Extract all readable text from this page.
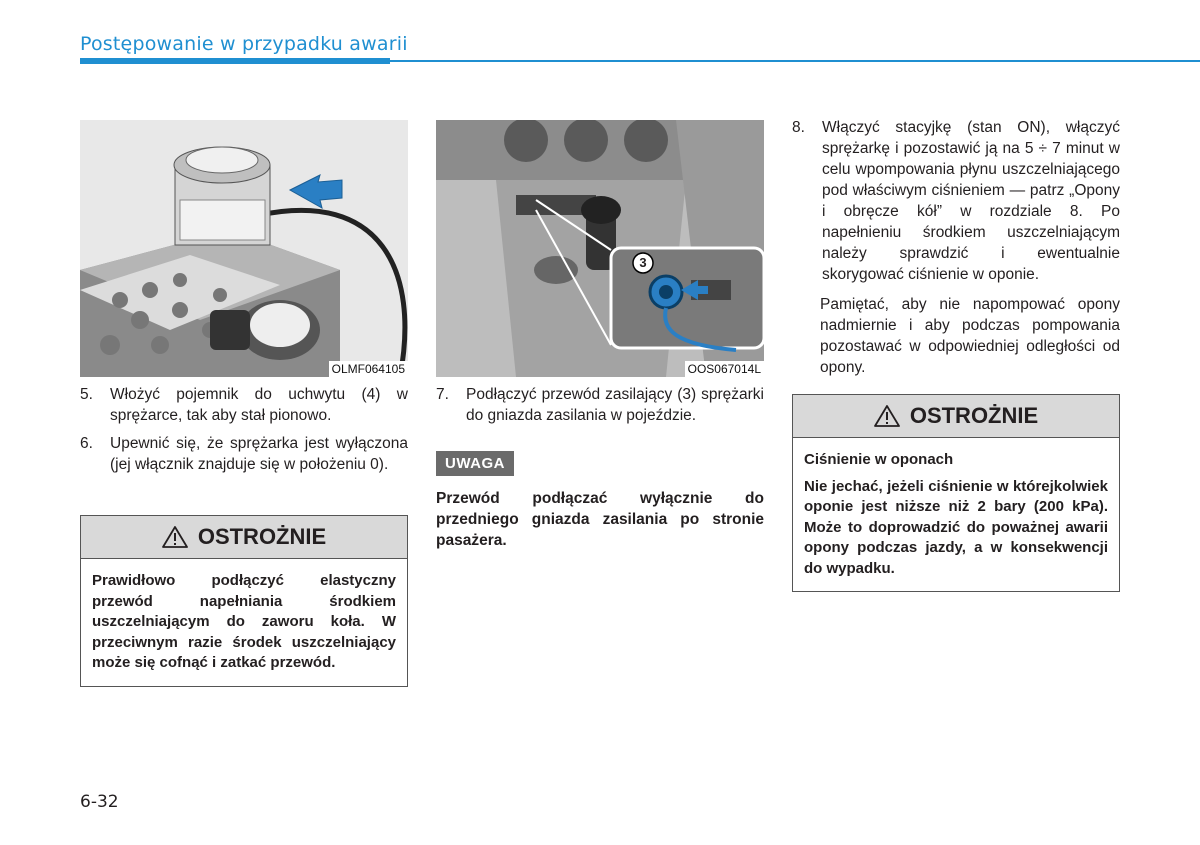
Postępowanie w przypadku awarii
OLMF064105
3
OOS067014L
5. Włożyć pojemnik do uchwytu (4) w sprężarce, tak aby stał pionowo.
6. Upewnić się, że sprężarka jest wyłączona (jej włącznik znajduje się w położeniu 0).
OSTROŻNIE
Prawidłowo podłączyć elastyczny przewód napełniania środkiem uszczelniającym do zaworu koła. W przeciwnym razie środek uszczelniający może się cofnąć i zatkać przewód.
7. Podłączyć przewód zasilający (3) sprężarki do gniazda zasilania w pojeździe.
UWAGA
Przewód podłączać wyłącznie do przedniego gniazda zasilania po stronie pasażera.
8. Włączyć stacyjkę (stan ON), włączyć sprężarkę i pozostawić ją na 5 ÷ 7 minut w celu wpompowania płynu uszczelniającego pod właściwym ciśnieniem — patrz „Opony i obręcze kół” w rozdziale 8. Po napełnieniu środkiem uszczelniającym należy sprawdzić i ewentualnie skorygować ciśnienie w oponie.
Pamiętać, aby nie napompować opony nadmiernie i aby podczas pompowania pozostawać w odpowiedniej odległości od opony.
OSTROŻNIE
Ciśnienie w oponach
Nie jechać, jeżeli ciśnienie w którejkolwiek oponie jest niższe niż 2 bary (200 kPa). Może to doprowadzić do poważnej awarii opony podczas jazdy, a w konsekwencji do wypadku.
6-32
